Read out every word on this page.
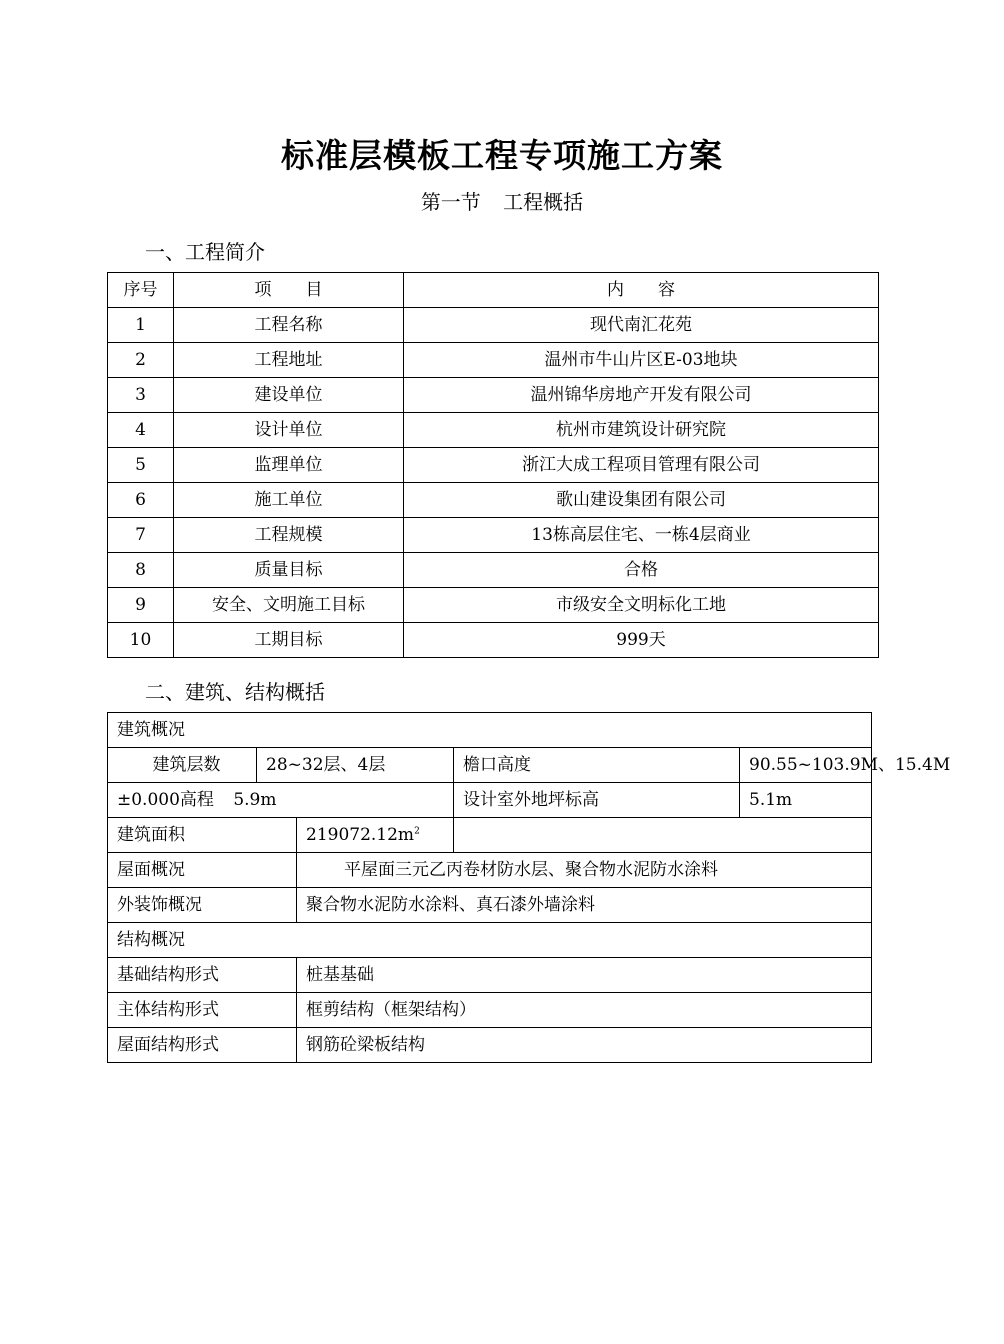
标准层模板工程专项施工方案
第一节 工程概括
一、工程简介
序号	项　　目	内　　容
1	工程名称	现代南汇花苑
2	工程地址	温州市牛山片区E-03地块
3	建设单位	温州锦华房地产开发有限公司
4	设计单位	杭州市建筑设计研究院
5	监理单位	浙江大成工程项目管理有限公司
6	施工单位	歌山建设集团有限公司
7	工程规模	13栋高层住宅、一栋4层商业
8	质量目标	合格
9	安全、文明施工目标	市级安全文明标化工地
10	工期目标	999天
二、建筑、结构概括
建筑概况				
建筑层数	28~32层、4层		檐口高度	90.55~103.9M、15.4M
±0.000高程 5.9m			设计室外地坪标高	5.1m
建筑面积		$219072.12m^2$	
屋面概况		平屋面三元乙丙卷材防水层、聚合物水泥防水涂料		
外装饰概况		聚合物水泥防水涂料、真石漆外墙涂料		
结构概况				
基础结构形式		桩基基础		
主体结构形式		框剪结构（框架结构）		
屋面结构形式		钢筋砼梁板结构		
